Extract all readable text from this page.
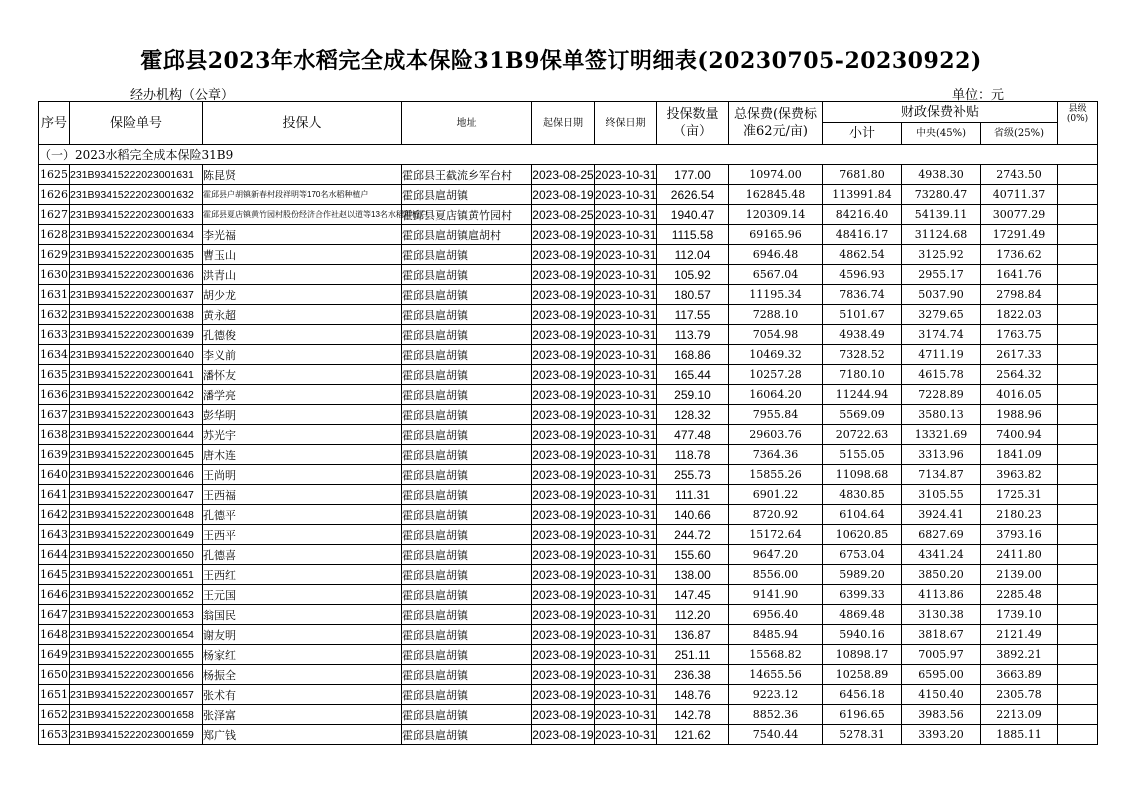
霍邱县2023年水稻完全成本保险31B9保单签订明细表(20230705-20230922)
经办机构（公章）	单位：元
序号	保险单号	投保人	地址	起保日期	终保日期	投保数量（亩）	总保费(保费标准62元/亩)	财政保费补贴			县级(0%)
								小计	中央(45%)	省级(25%)	
（一）2023水稻完全成本保险31B9											
1625	231B93415222023001631	陈昆贤	霍邱县王截流乡军台村	2023-08-25	2023-10-31	177.00	10974.00	7681.80	4938.30	2743.50	
1626	231B93415222023001632	霍邱县户胡镇新春村段祥明等170名水稻种植户	霍邱县扈胡镇	2023-08-19	2023-10-31	2626.54	162845.48	113991.84	73280.47	40711.37	
1627	231B93415222023001633	霍邱县夏店镇黄竹园村股份经济合作社赵以道等13名水稻种植户	霍邱县夏店镇黄竹园村	2023-08-25	2023-10-31	1940.47	120309.14	84216.40	54139.11	30077.29	
1628	231B93415222023001634	李光福	霍邱县扈胡镇扈胡村	2023-08-19	2023-10-31	1115.58	69165.96	48416.17	31124.68	17291.49	
1629	231B93415222023001635	曹玉山	霍邱县扈胡镇	2023-08-19	2023-10-31	112.04	6946.48	4862.54	3125.92	1736.62	
1630	231B93415222023001636	洪青山	霍邱县扈胡镇	2023-08-19	2023-10-31	105.92	6567.04	4596.93	2955.17	1641.76	
1631	231B93415222023001637	胡少龙	霍邱县扈胡镇	2023-08-19	2023-10-31	180.57	11195.34	7836.74	5037.90	2798.84	
1632	231B93415222023001638	黄永超	霍邱县扈胡镇	2023-08-19	2023-10-31	117.55	7288.10	5101.67	3279.65	1822.03	
1633	231B93415222023001639	孔德俊	霍邱县扈胡镇	2023-08-19	2023-10-31	113.79	7054.98	4938.49	3174.74	1763.75	
1634	231B93415222023001640	李义前	霍邱县扈胡镇	2023-08-19	2023-10-31	168.86	10469.32	7328.52	4711.19	2617.33	
1635	231B93415222023001641	潘怀友	霍邱县扈胡镇	2023-08-19	2023-10-31	165.44	10257.28	7180.10	4615.78	2564.32	
1636	231B93415222023001642	潘学亮	霍邱县扈胡镇	2023-08-19	2023-10-31	259.10	16064.20	11244.94	7228.89	4016.05	
1637	231B93415222023001643	彭华明	霍邱县扈胡镇	2023-08-19	2023-10-31	128.32	7955.84	5569.09	3580.13	1988.96	
1638	231B93415222023001644	苏光宇	霍邱县扈胡镇	2023-08-19	2023-10-31	477.48	29603.76	20722.63	13321.69	7400.94	
1639	231B93415222023001645	唐木连	霍邱县扈胡镇	2023-08-19	2023-10-31	118.78	7364.36	5155.05	3313.96	1841.09	
1640	231B93415222023001646	王尚明	霍邱县扈胡镇	2023-08-19	2023-10-31	255.73	15855.26	11098.68	7134.87	3963.82	
1641	231B93415222023001647	王西福	霍邱县扈胡镇	2023-08-19	2023-10-31	111.31	6901.22	4830.85	3105.55	1725.31	
1642	231B93415222023001648	孔德平	霍邱县扈胡镇	2023-08-19	2023-10-31	140.66	8720.92	6104.64	3924.41	2180.23	
1643	231B93415222023001649	王西平	霍邱县扈胡镇	2023-08-19	2023-10-31	244.72	15172.64	10620.85	6827.69	3793.16	
1644	231B93415222023001650	孔德喜	霍邱县扈胡镇	2023-08-19	2023-10-31	155.60	9647.20	6753.04	4341.24	2411.80	
1645	231B93415222023001651	王西红	霍邱县扈胡镇	2023-08-19	2023-10-31	138.00	8556.00	5989.20	3850.20	2139.00	
1646	231B93415222023001652	王元国	霍邱县扈胡镇	2023-08-19	2023-10-31	147.45	9141.90	6399.33	4113.86	2285.48	
1647	231B93415222023001653	翁国民	霍邱县扈胡镇	2023-08-19	2023-10-31	112.20	6956.40	4869.48	3130.38	1739.10	
1648	231B93415222023001654	谢友明	霍邱县扈胡镇	2023-08-19	2023-10-31	136.87	8485.94	5940.16	3818.67	2121.49	
1649	231B93415222023001655	杨家红	霍邱县扈胡镇	2023-08-19	2023-10-31	251.11	15568.82	10898.17	7005.97	3892.21	
1650	231B93415222023001656	杨振全	霍邱县扈胡镇	2023-08-19	2023-10-31	236.38	14655.56	10258.89	6595.00	3663.89	
1651	231B93415222023001657	张术有	霍邱县扈胡镇	2023-08-19	2023-10-31	148.76	9223.12	6456.18	4150.40	2305.78	
1652	231B93415222023001658	张泽富	霍邱县扈胡镇	2023-08-19	2023-10-31	142.78	8852.36	6196.65	3983.56	2213.09	
1653	231B93415222023001659	郑广钱	霍邱县扈胡镇	2023-08-19	2023-10-31	121.62	7540.44	5278.31	3393.20	1885.11	
